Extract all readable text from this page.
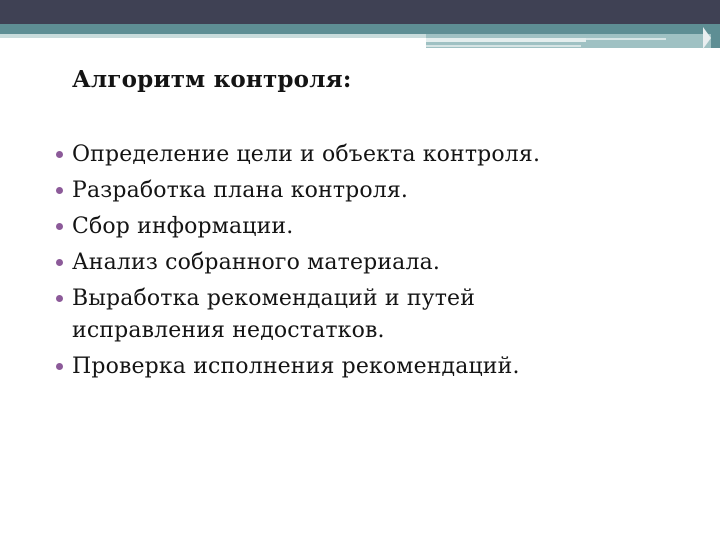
Алгоритм контроля:
Определение цели и объекта контроля.
Разработка плана контроля.
Сбор информации.
Анализ собранного материала.
Выработка рекомендаций и путей исправления недостатков.
Проверка исполнения рекомендаций.
